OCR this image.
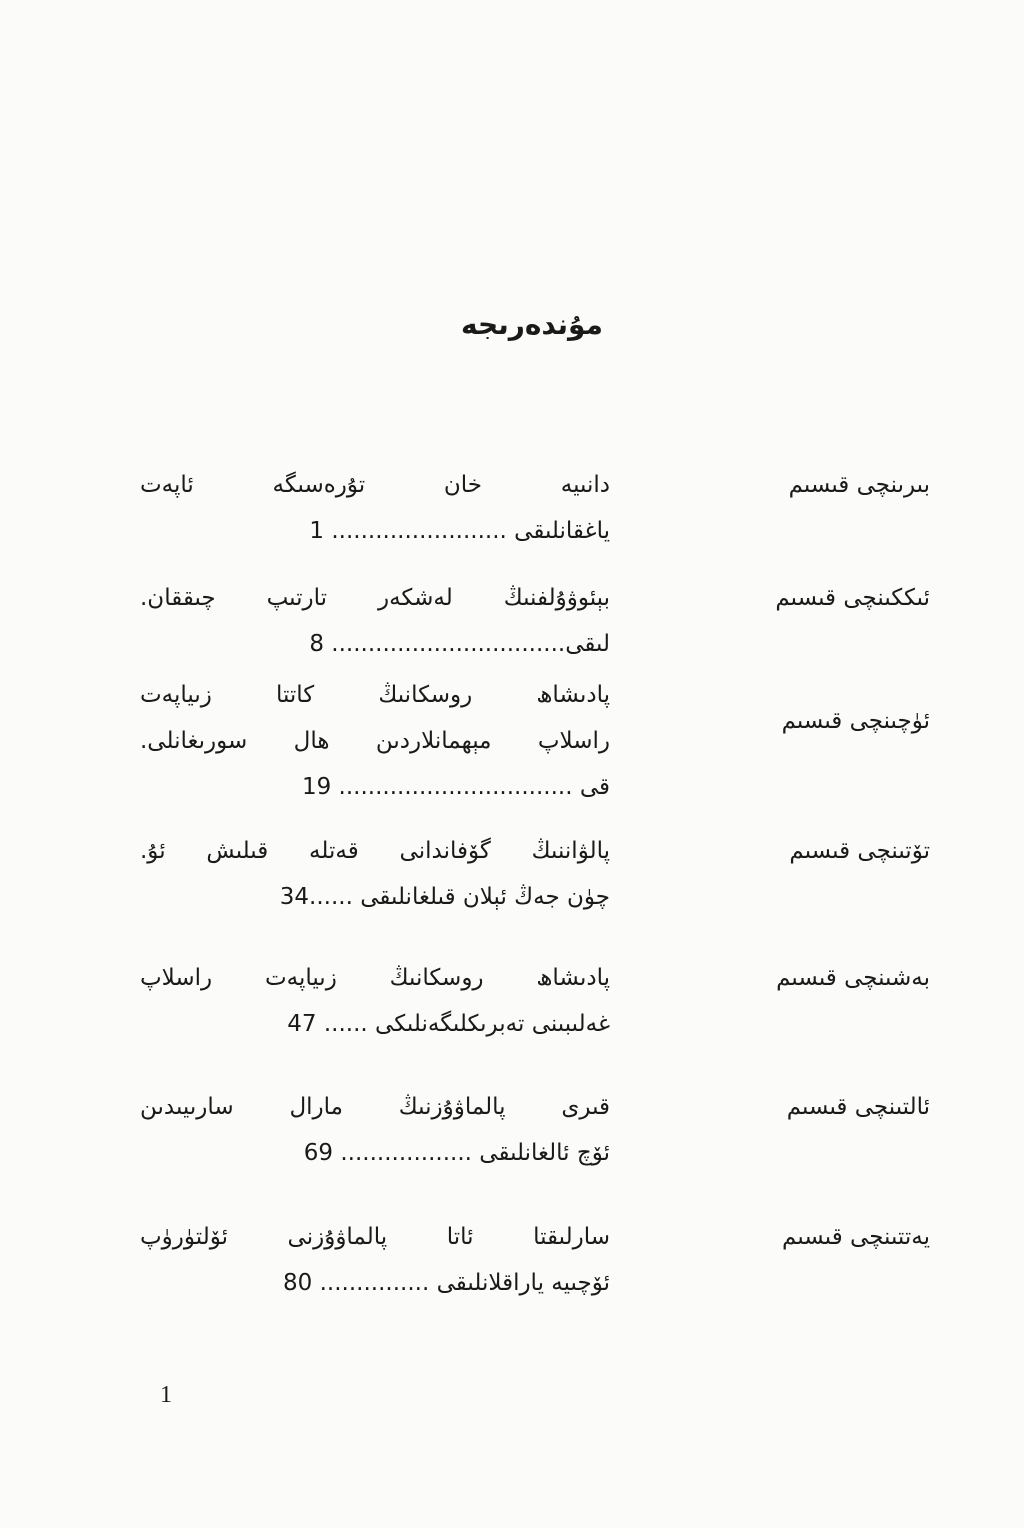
مۇندەرىجە
بىرىنچى قىسىم
دانىيە خان تۇرەسىگە ئاپەت
ياغقانلىقى ........................ 1
ئىككىنچى قىسىم
بېئوۋۇلفنىڭ لەشكەر تارتىپ چىققان.
لىقى................................ 8
ئۈچىنچى قىسىم
پادىشاھ روسكانىڭ كاتتا زىياپەت
راسلاپ مېھمانلاردىن ھال سورىغانلى.
قى ................................ 19
تۆتىنچى قىسىم
پالۋاننىڭ گۆفاندانى قەتلە قىلىش ئۇ.
چۈن جەڭ ئېلان قىلغانلىقى ......34
بەشىنچى قىسىم
پادىشاھ روسكانىڭ زىياپەت راسلاپ
غەلىبىنى تەبرىكلىگەنلىكى ...... 47
ئالتىنچى قىسىم
قىرى پالماۋۇزنىڭ مارال سارىيىدىن
ئۆچ ئالغانلىقى .................. 69
يەتتىنچى قىسىم
سارلىقتا ئاتا پالماۋۇزنى ئۆلتۈرۈپ
ئۆچىيە ياراقلانلىقى ............... 80
1
